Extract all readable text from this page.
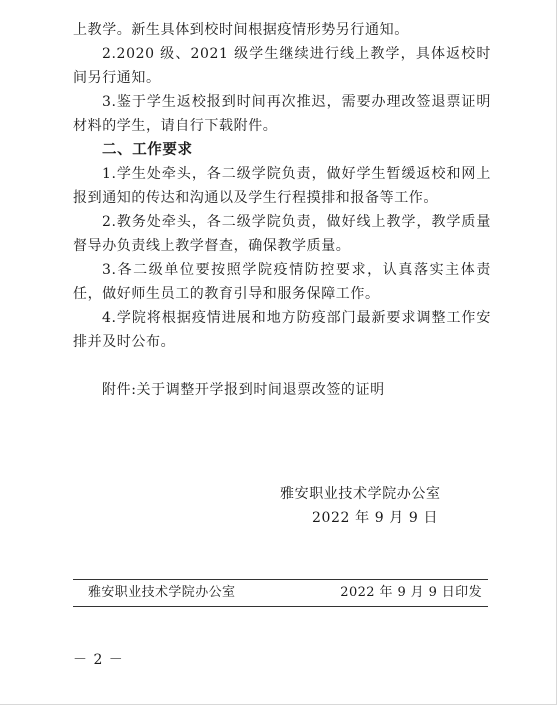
上教学。新生具体到校时间根据疫情形势另行通知。

2.2020 级、2021 级学生继续进行线上教学，具体返校时间另行通知。

3.鉴于学生返校报到时间再次推迟，需要办理改签退票证明材料的学生，请自行下载附件。

二、工作要求

1.学生处牵头，各二级学院负责，做好学生暂缓返校和网上报到通知的传达和沟通以及学生行程摸排和报备等工作。

2.教务处牵头，各二级学院负责，做好线上教学，教学质量督导办负责线上教学督查，确保教学质量。

3.各二级单位要按照学院疫情防控要求，认真落实主体责任，做好师生员工的教育引导和服务保障工作。

4.学院将根据疫情进展和地方防疫部门最新要求调整工作安排并及时公布。

附件:关于调整开学报到时间退票改签的证明

雅安职业技术学院办公室

2022 年 9 月 9 日

雅安职业技术学院办公室	2022 年 9 月 9 日印发
－ 2 －
